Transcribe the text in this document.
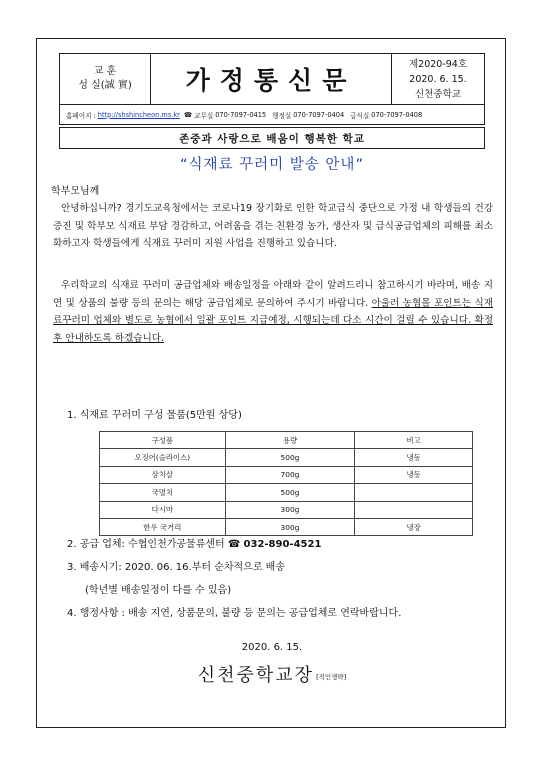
교 훈
성 실(誠 實)	가정통신문
제2020-94호
2020. 6. 15.
신천중학교
홈페이지 : http://shshincheon.ms.kr ☎ 교무실 070-7097-0415 행정실 070-7097-0404 급식실 070-7097-0408
존중과 사랑으로 배움이 행복한 학교
“식재료 꾸러미 발송 안내”
학부모님께
안녕하십니까? 경기도교육청에서는 코로나19 장기화로 인한 학교급식 중단으로 가정 내 학생들의 건강증진 및 학부모 식재료 부담 경감하고, 어려움을 겪는 친환경 농가, 생산자 및 급식공급업체의 피해를 최소화하고자 학생들에게 식재료 꾸러미 지원 사업을 진행하고 있습니다.
우리학교의 식재료 꾸러미 공급업체와 배송일정을 아래와 같이 알려드리니 참고하시기 바라며, 배송 지연 및 상품의 불량 등의 문의는 해당 공급업체로 문의하여 주시기 바랍니다. 아울러 농협몰 포인트는 식재료꾸러미 업체와 별도로 농협에서 일괄 포인트 지급예정, 시행되는데 다소 시간이 걸릴 수 있습니다. 확정 후 안내하도록 하겠습니다.
1. 식재료 꾸러미 구성 물품(5만원 상당)
구성품	용량	비고
오징어(슬라이스)	500g	냉동
삼치살	700g	냉동
국멸치	500g	
다시마	300g	
한우 국거리	300g	냉장
2. 공급 업체: 수협인천가공물류센터 ☎ 032-890-4521
3. 배송시기: 2020. 06. 16.부터 순차적으로 배송
(학년별 배송일정이 다를 수 있음)
4. 행정사항 : 배송 지연, 상품문의, 불량 등 문의는 공급업체로 연락바랍니다.
2020. 6. 15.
신천중학교장 [직인생략]
